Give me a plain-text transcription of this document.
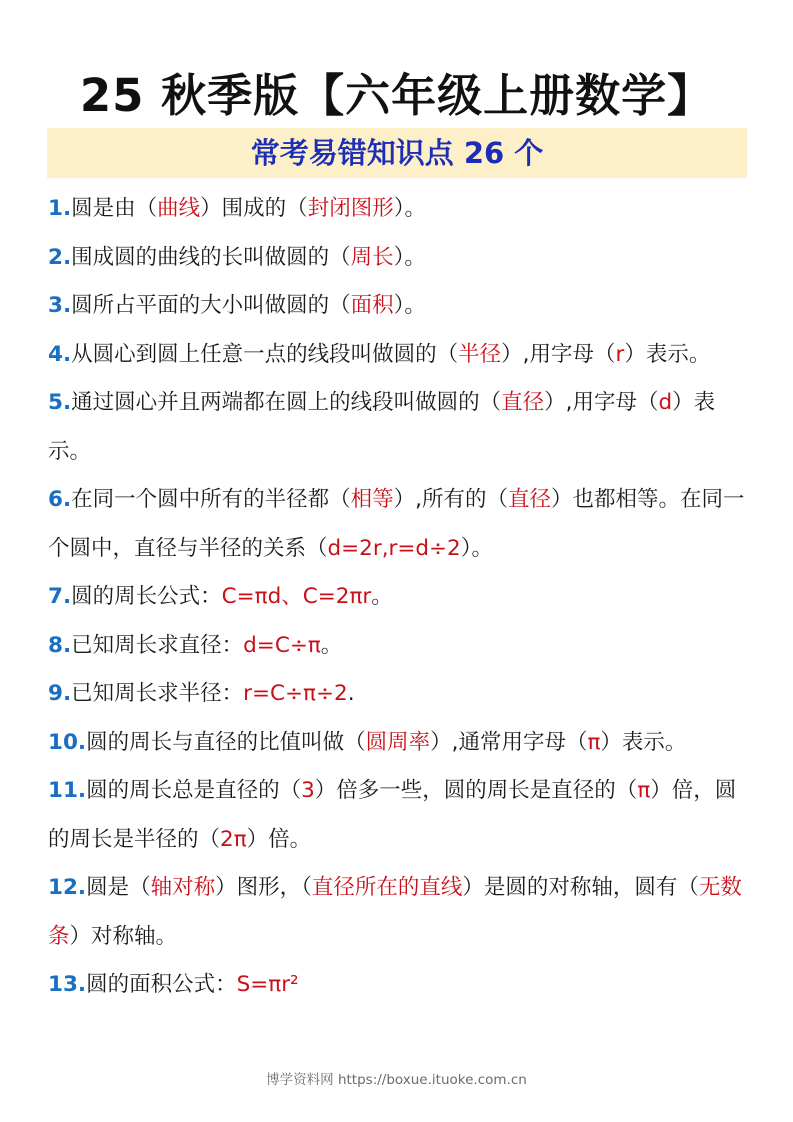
25 秋季版【六年级上册数学】
常考易错知识点 26 个
1.圆是由（曲线）围成的（封闭图形）。
2.围成圆的曲线的长叫做圆的（周长）。
3.圆所占平面的大小叫做圆的（面积）。
4.从圆心到圆上任意一点的线段叫做圆的（半径）,用字母（r）表示。
5.通过圆心并且两端都在圆上的线段叫做圆的（直径）,用字母（d）表示。
6.在同一个圆中所有的半径都（相等）,所有的（直径）也都相等。在同一个圆中，直径与半径的关系（d=2r,r=d÷2）。
7.圆的周长公式：C=πd、C=2πr。
8.已知周长求直径：d=C÷π。
9.已知周长求半径：r=C÷π÷2.
10.圆的周长与直径的比值叫做（圆周率）,通常用字母（π）表示。
11.圆的周长总是直径的（3）倍多一些，圆的周长是直径的（π）倍，圆的周长是半径的（2π）倍。
12.圆是（轴对称）图形，（直径所在的直线）是圆的对称轴，圆有（无数条）对称轴。
13.圆的面积公式：S=πr²
博学资料网 https://boxue.ituoke.com.cn
